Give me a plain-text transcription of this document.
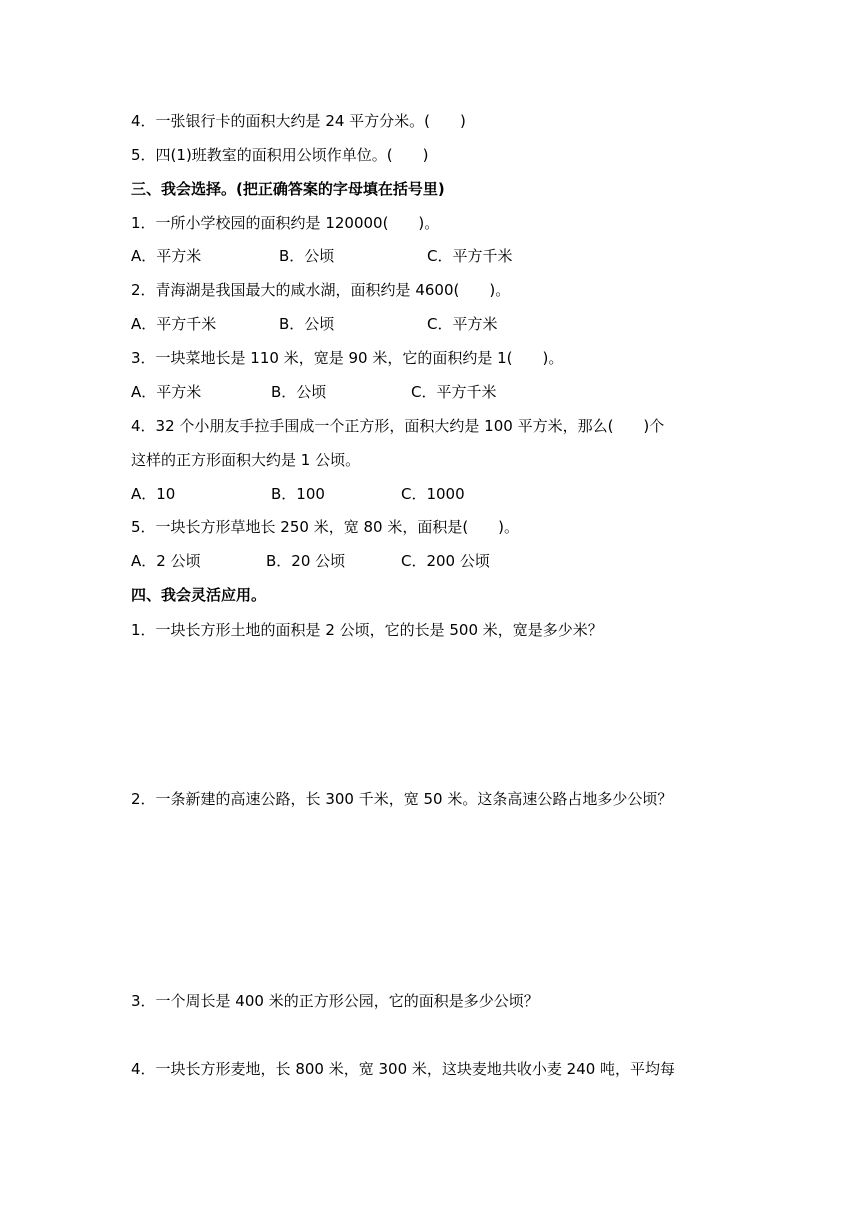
4．一张银行卡的面积大约是 24 平方分米。(　　)
5．四(1)班教室的面积用公顷作单位。(　　)
三、我会选择。(把正确答案的字母填在括号里)
1．一所小学校园的面积约是 120000(　　)。
A．平方米	B．公顷	C．平方千米
2．青海湖是我国最大的咸水湖，面积约是 4600(　　)。
A．平方千米	B．公顷	C．平方米
3．一块菜地长是 110 米，宽是 90 米，它的面积约是 1(　　)。
A．平方米	B．公顷	C．平方千米
4．32 个小朋友手拉手围成一个正方形，面积大约是 100 平方米，那么(　　)个
这样的正方形面积大约是 1 公顷。
A．10	B．100	C．1000
5．一块长方形草地长 250 米，宽 80 米，面积是(　　)。
A．2 公顷	B．20 公顷	C．200 公顷
四、我会灵活应用。
1．一块长方形土地的面积是 2 公顷，它的长是 500 米，宽是多少米？
2．一条新建的高速公路，长 300 千米，宽 50 米。这条高速公路占地多少公顷？
3．一个周长是 400 米的正方形公园，它的面积是多少公顷？
4．一块长方形麦地，长 800 米，宽 300 米，这块麦地共收小麦 240 吨，平均每
